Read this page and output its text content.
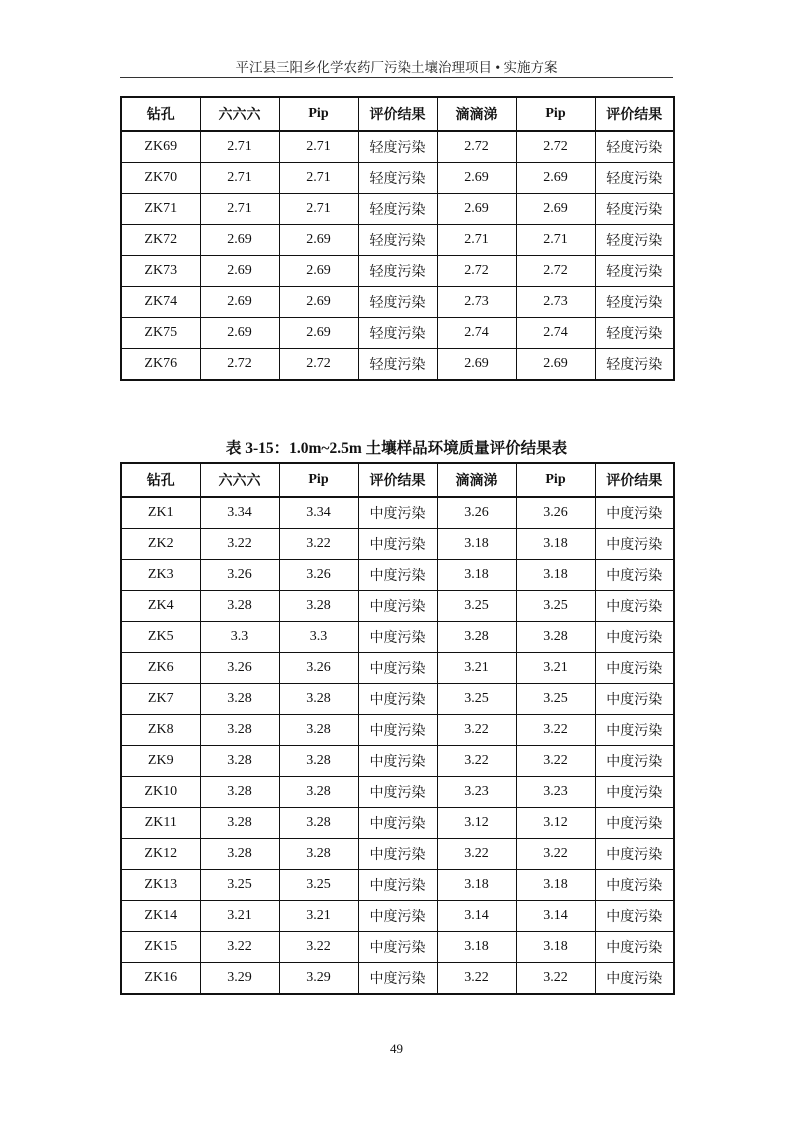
平江县三阳乡化学农药厂污染土壤治理项目 • 实施方案
钻孔	六六六	Pip	评价结果	滴滴涕	Pip	评价结果
ZK69	2.71	2.71	轻度污染	2.72	2.72	轻度污染
ZK70	2.71	2.71	轻度污染	2.69	2.69	轻度污染
ZK71	2.71	2.71	轻度污染	2.69	2.69	轻度污染
ZK72	2.69	2.69	轻度污染	2.71	2.71	轻度污染
ZK73	2.69	2.69	轻度污染	2.72	2.72	轻度污染
ZK74	2.69	2.69	轻度污染	2.73	2.73	轻度污染
ZK75	2.69	2.69	轻度污染	2.74	2.74	轻度污染
ZK76	2.72	2.72	轻度污染	2.69	2.69	轻度污染
表 3-15：1.0m~2.5m 土壤样品环境质量评价结果表
钻孔	六六六	Pip	评价结果	滴滴涕	Pip	评价结果
ZK1	3.34	3.34	中度污染	3.26	3.26	中度污染
ZK2	3.22	3.22	中度污染	3.18	3.18	中度污染
ZK3	3.26	3.26	中度污染	3.18	3.18	中度污染
ZK4	3.28	3.28	中度污染	3.25	3.25	中度污染
ZK5	3.3	3.3	中度污染	3.28	3.28	中度污染
ZK6	3.26	3.26	中度污染	3.21	3.21	中度污染
ZK7	3.28	3.28	中度污染	3.25	3.25	中度污染
ZK8	3.28	3.28	中度污染	3.22	3.22	中度污染
ZK9	3.28	3.28	中度污染	3.22	3.22	中度污染
ZK10	3.28	3.28	中度污染	3.23	3.23	中度污染
ZK11	3.28	3.28	中度污染	3.12	3.12	中度污染
ZK12	3.28	3.28	中度污染	3.22	3.22	中度污染
ZK13	3.25	3.25	中度污染	3.18	3.18	中度污染
ZK14	3.21	3.21	中度污染	3.14	3.14	中度污染
ZK15	3.22	3.22	中度污染	3.18	3.18	中度污染
ZK16	3.29	3.29	中度污染	3.22	3.22	中度污染
49
